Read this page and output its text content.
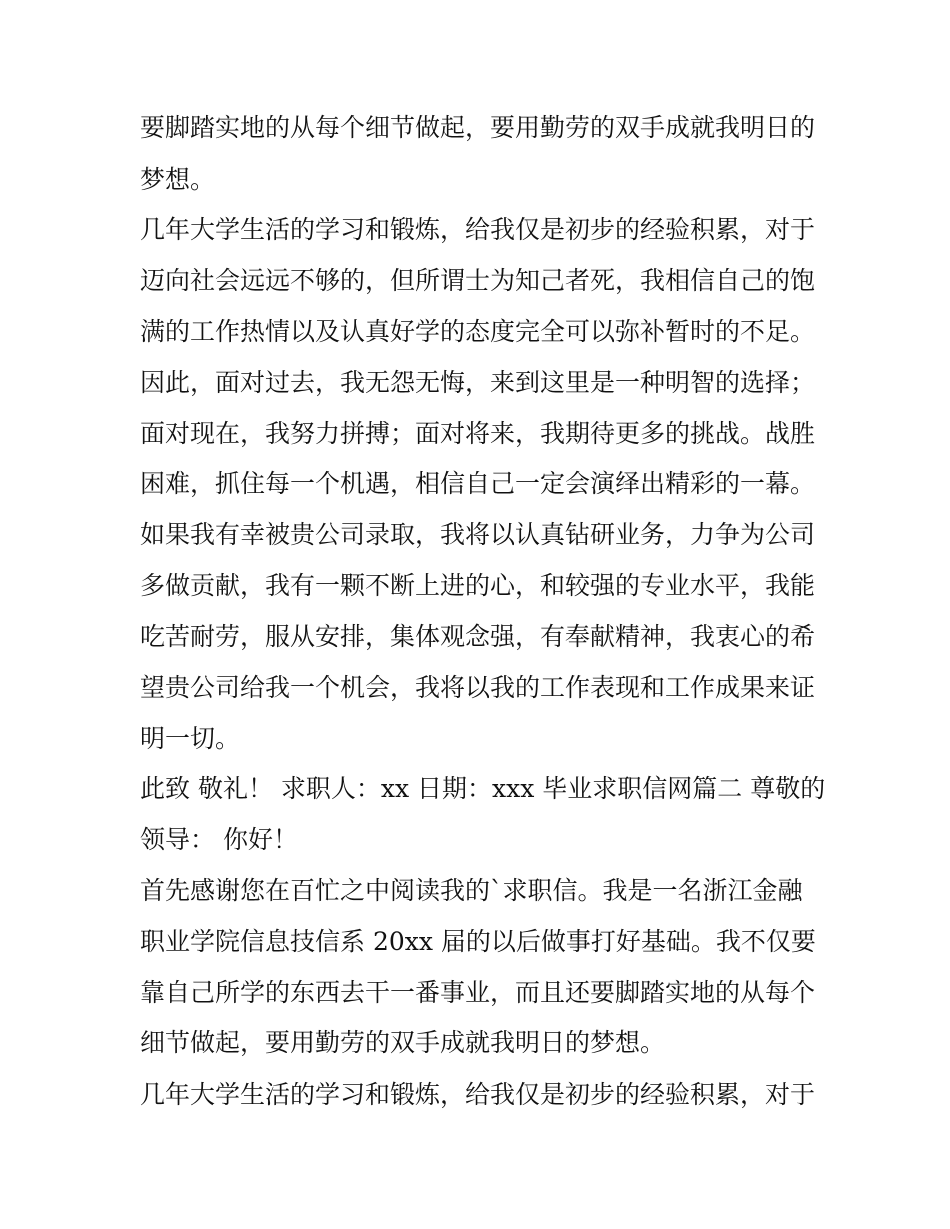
要脚踏实地的从每个细节做起，要用勤劳的双手成就我明日的
梦想。
几年大学生活的学习和锻炼，给我仅是初步的经验积累，对于
迈向社会远远不够的，但所谓士为知己者死，我相信自己的饱
满的工作热情以及认真好学的态度完全可以弥补暂时的不足。
因此，面对过去，我无怨无悔，来到这里是一种明智的选择；
面对现在，我努力拼搏；面对将来，我期待更多的挑战。战胜
困难，抓住每一个机遇，相信自己一定会演绎出精彩的一幕。
如果我有幸被贵公司录取，我将以认真钻研业务，力争为公司
多做贡献，我有一颗不断上进的心，和较强的专业水平，我能
吃苦耐劳，服从安排，集体观念强，有奉献精神，我衷心的希
望贵公司给我一个机会，我将以我的工作表现和工作成果来证
明一切。
此致 敬礼！ 求职人：xx 日期：xxx 毕业求职信网篇二 尊敬的
领导： 你好！
首先感谢您在百忙之中阅读我的`求职信。我是一名浙江金融
职业学院信息技信系 20xx 届的以后做事打好基础。我不仅要
靠自己所学的东西去干一番事业，而且还要脚踏实地的从每个
细节做起，要用勤劳的双手成就我明日的梦想。
几年大学生活的学习和锻炼，给我仅是初步的经验积累，对于
